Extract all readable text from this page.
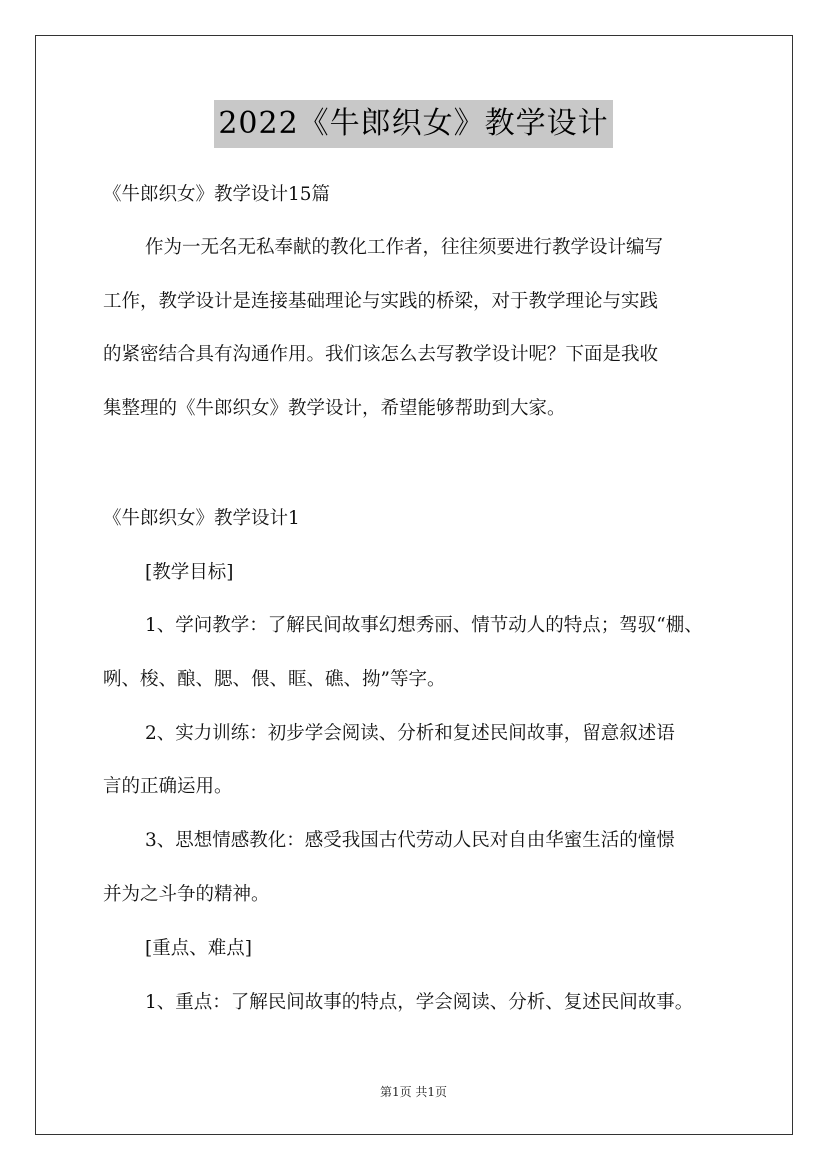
2022《牛郎织女》教学设计
《牛郎织女》教学设计15篇
作为一无名无私奉献的教化工作者，往往须要进行教学设计编写
工作，教学设计是连接基础理论与实践的桥梁，对于教学理论与实践
的紧密结合具有沟通作用。我们该怎么去写教学设计呢？下面是我收
集整理的《牛郎织女》教学设计，希望能够帮助到大家。
《牛郎织女》教学设计1
[教学目标]
1、学问教学：了解民间故事幻想秀丽、情节动人的特点；驾驭“棚、
咧、梭、酿、腮、偎、眶、礁、拗”等字。
2、实力训练：初步学会阅读、分析和复述民间故事，留意叙述语
言的正确运用。
3、思想情感教化：感受我国古代劳动人民对自由华蜜生活的憧憬
并为之斗争的精神。
[重点、难点]
1、重点：了解民间故事的特点，学会阅读、分析、复述民间故事。
第1页 共1页
